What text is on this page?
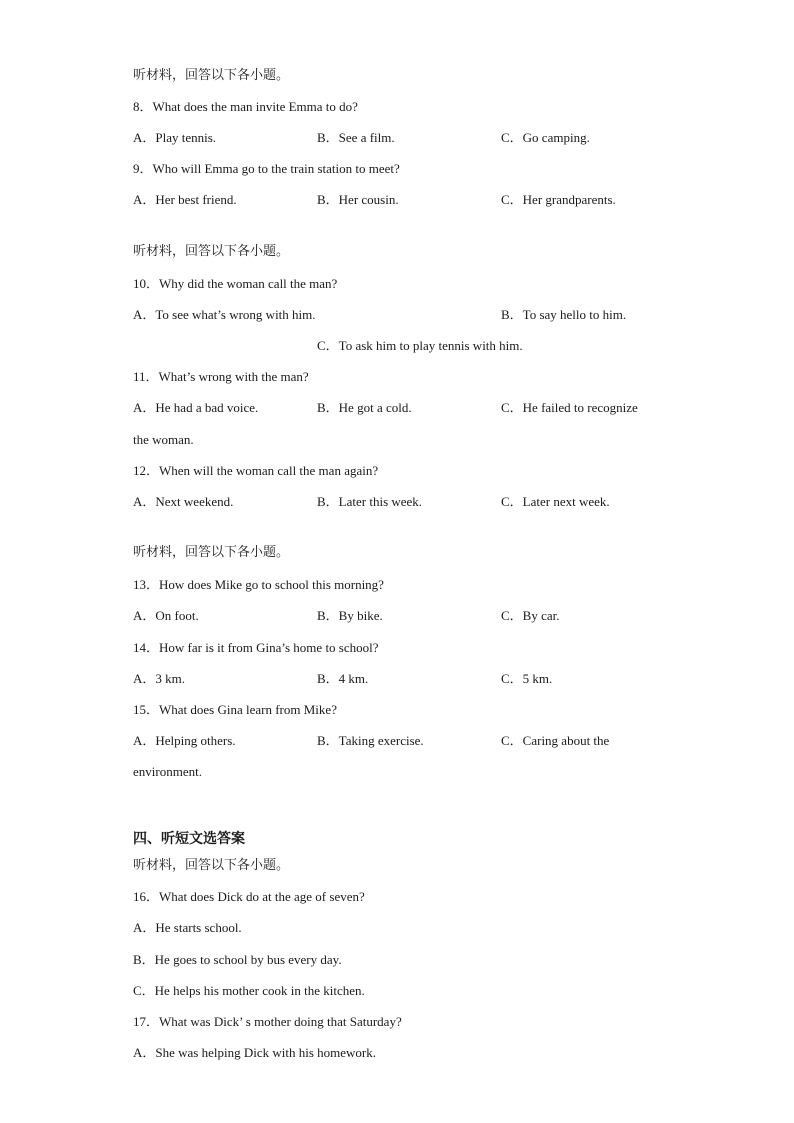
听材料，回答以下各小题。
8．What does the man invite Emma to do?
A．Play tennis.	B．See a film.	C．Go camping.
9．Who will Emma go to the train station to meet?
A．Her best friend.	B．Her cousin.	C．Her grandparents.
听材料，回答以下各小题。
10．Why did the woman call the man?
A．To see what’s wrong with him.	B．To say hello to him.
C．To ask him to play tennis with him.
11．What’s wrong with the man?
A．He had a bad voice.	B．He got a cold.	C．He failed to recognize
the woman.
12．When will the woman call the man again?
A．Next weekend.	B．Later this week.	C．Later next week.
听材料，回答以下各小题。
13．How does Mike go to school this morning?
A．On foot.	B．By bike.	C．By car.
14．How far is it from Gina’s home to school?
A．3 km.	B．4 km.	C．5 km.
15．What does Gina learn from Mike?
A．Helping others.	B．Taking exercise.	C．Caring about the
environment.
四、听短文选答案
听材料，回答以下各小题。
16．What does Dick do at the age of seven?
A．He starts school.
B．He goes to school by bus every day.
C．He helps his mother cook in the kitchen.
17．What was Dick’ s mother doing that Saturday?
A．She was helping Dick with his homework.
